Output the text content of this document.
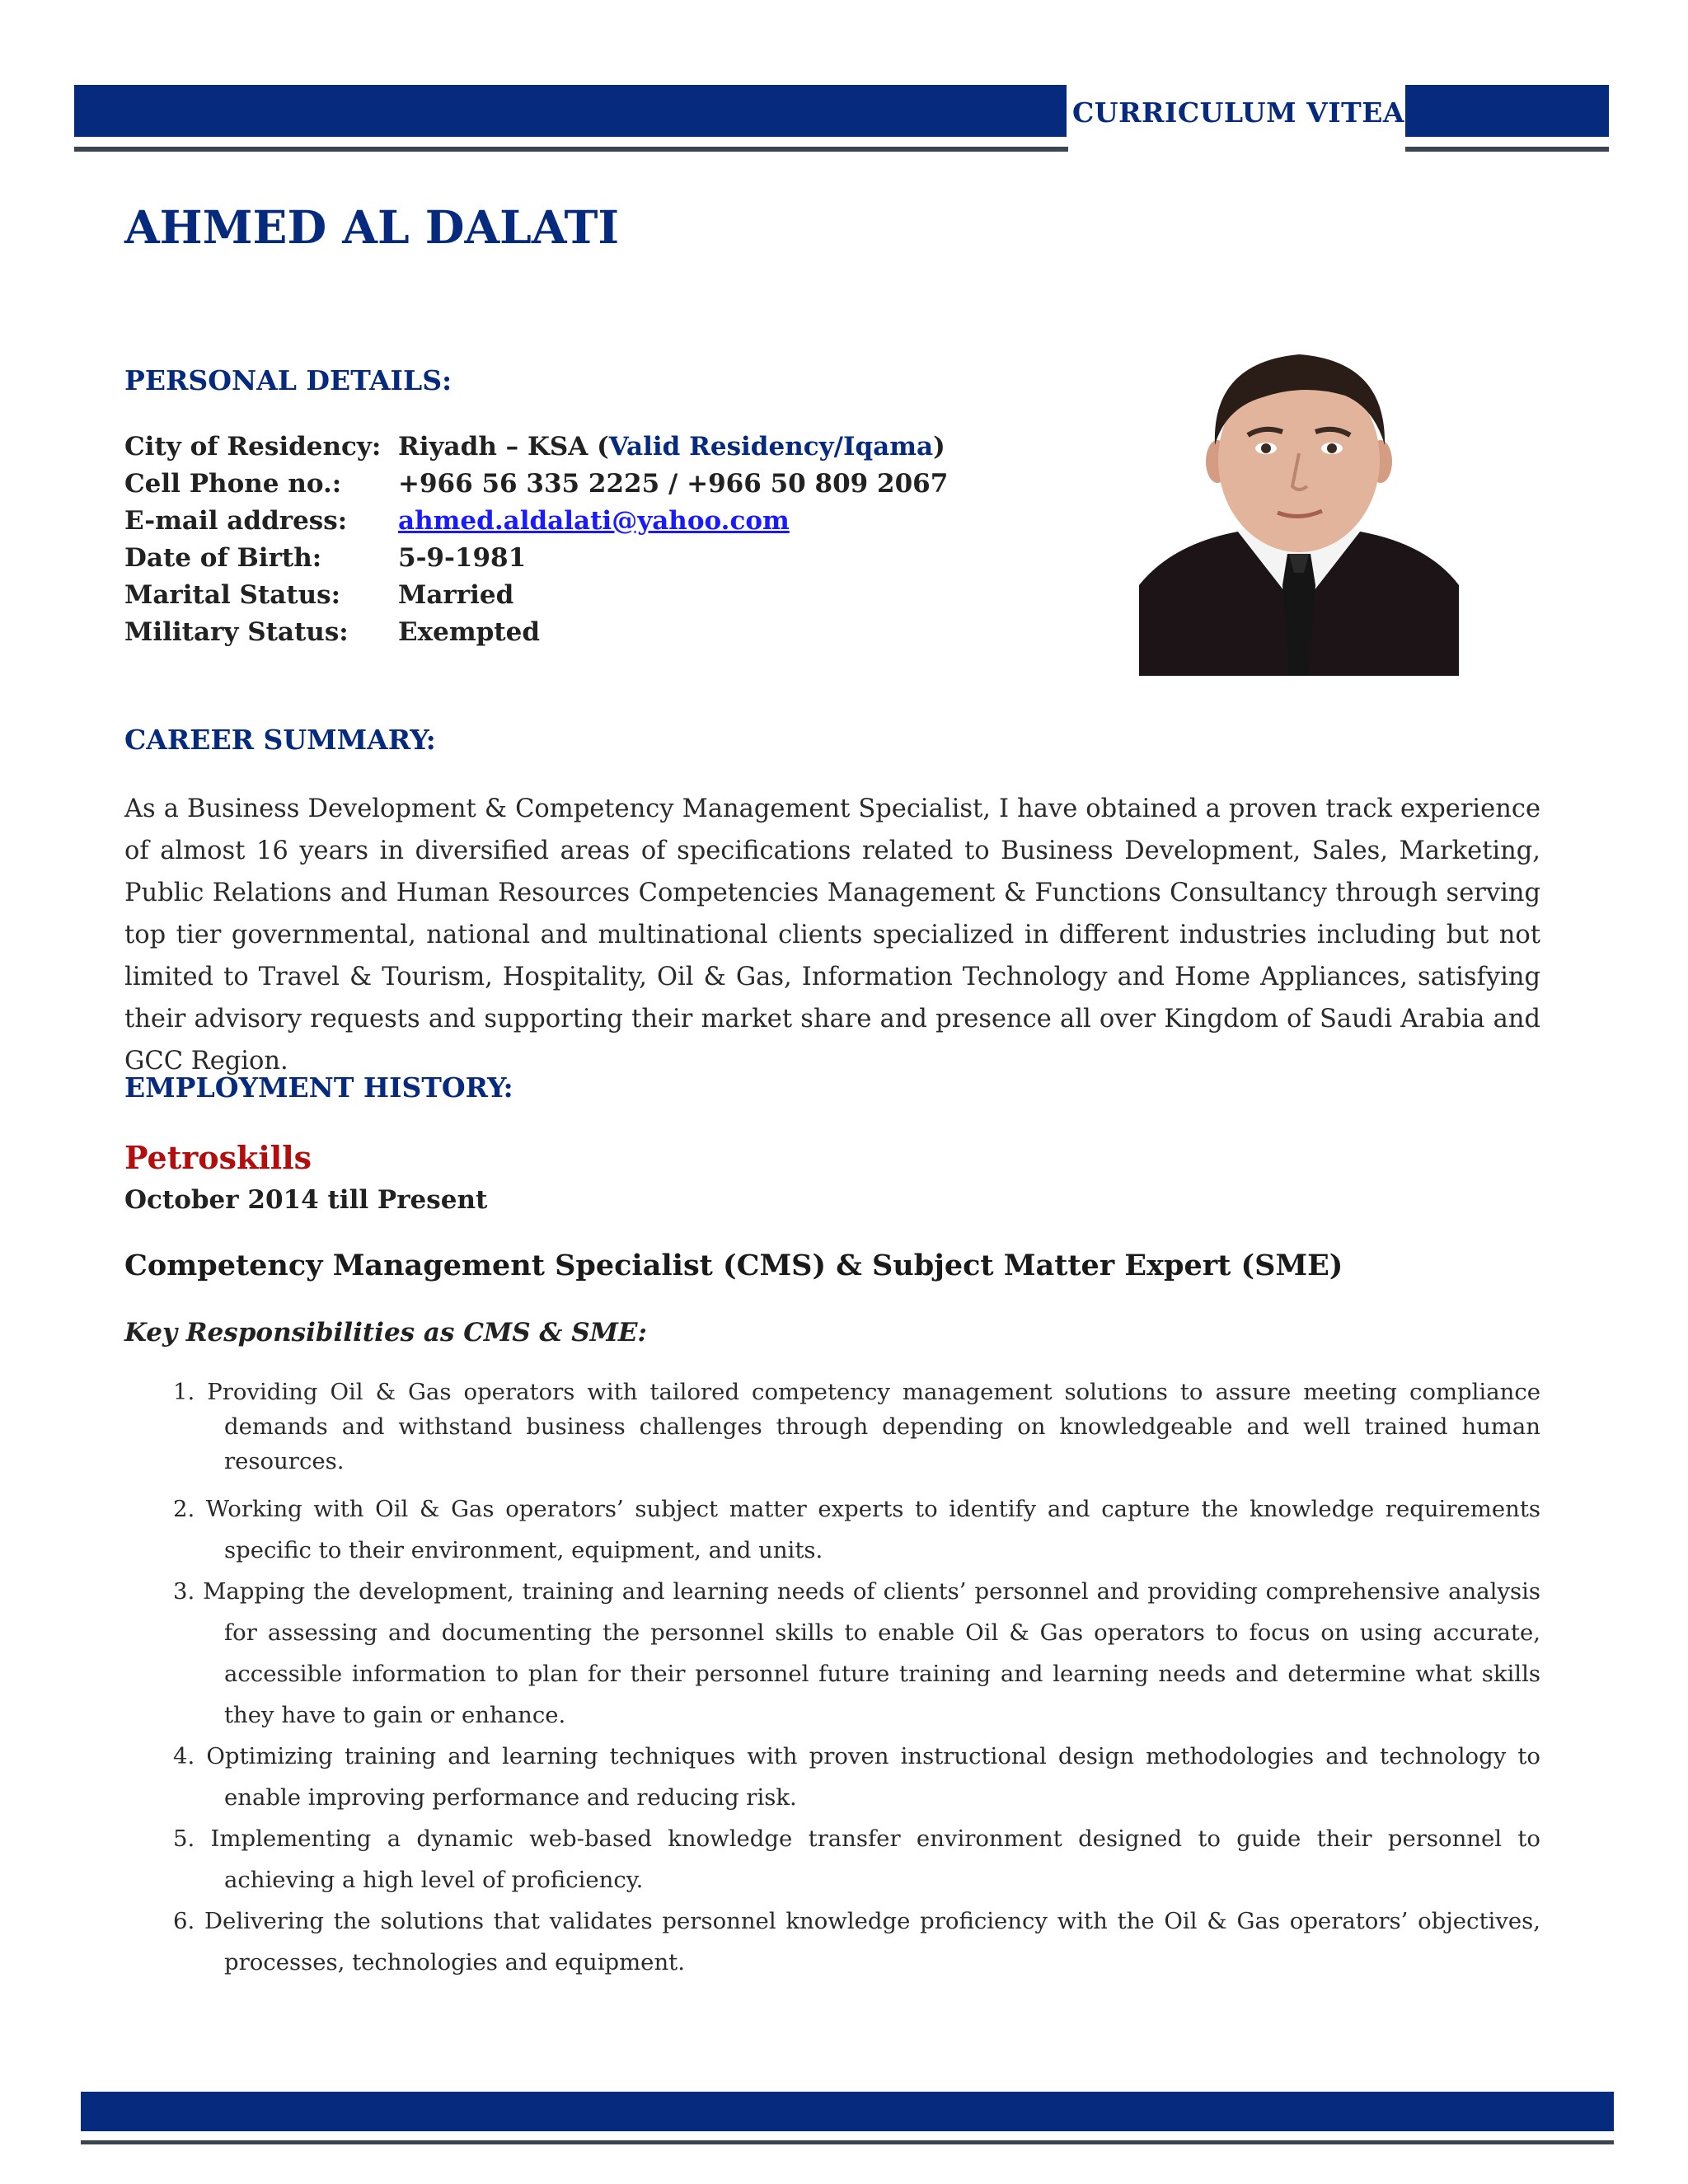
CURRICULUM VITEA
AHMED AL DALATI
PERSONAL DETAILS:
City of Residency: Riyadh – KSA (Valid Residency/Iqama)
Cell Phone no.:	+966 56 335 2225 / +966 50 809 2067
E-mail address:	ahmed.aldalati@yahoo.com
Date of Birth:	5-9-1981
Marital Status:	Married
Military Status:	Exempted
CAREER SUMMARY:

As a Business Development & Competency Management Specialist, I have obtained a proven track experience of almost 16 years in diversified areas of specifications related to Business Development, Sales, Marketing, Public Relations and Human Resources Competencies Management & Functions Consultancy through serving top tier governmental, national and multinational clients specialized in different industries including but not limited to Travel & Tourism, Hospitality, Oil & Gas, Information Technology and Home Appliances, satisfying their advisory requests and supporting their market share and presence all over Kingdom of Saudi Arabia and GCC Region.

EMPLOYMENT HISTORY:
Petroskills

October 2014 till Present

Competency Management Specialist (CMS) & Subject Matter Expert (SME)

Key Responsibilities as CMS & SME:

1. Providing Oil & Gas operators with tailored competency management solutions to assure meeting compliance demands and withstand business challenges through depending on knowledgeable and well trained human resources.
2. Working with Oil & Gas operators’ subject matter experts to identify and capture the knowledge requirements specific to their environment, equipment, and units.
3. Mapping the development, training and learning needs of clients’ personnel and providing comprehensive analysis for assessing and documenting the personnel skills to enable Oil & Gas operators to focus on using accurate, accessible information to plan for their personnel future training and learning needs and determine what skills they have to gain or enhance.
4. Optimizing training and learning techniques with proven instructional design methodologies and technology to enable improving performance and reducing risk.
5. Implementing a dynamic web-based knowledge transfer environment designed to guide their personnel to achieving a high level of proficiency.
6. Delivering the solutions that validates personnel knowledge proficiency with the Oil & Gas operators’ objectives, processes, technologies and equipment.
